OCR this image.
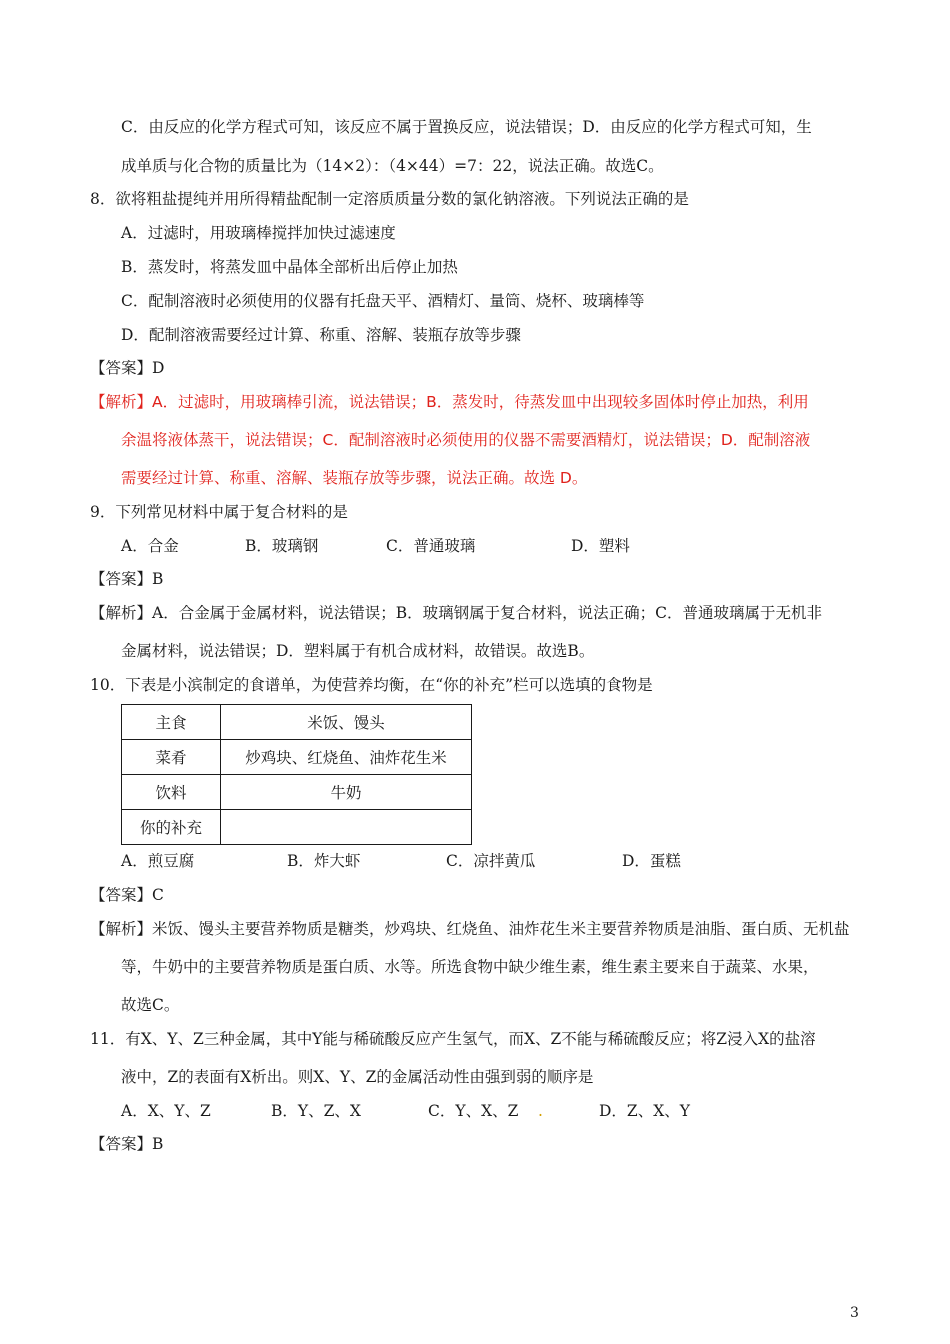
C．由反应的化学方程式可知，该反应不属于置换反应，说法错误；D．由反应的化学方程式可知，生
成单质与化合物的质量比为（14×2）：（4×44）=7：22，说法正确。故选C。
8．欲将粗盐提纯并用所得精盐配制一定溶质质量分数的氯化钠溶液。下列说法正确的是
A．过滤时，用玻璃棒搅拌加快过滤速度
B．蒸发时，将蒸发皿中晶体全部析出后停止加热
C．配制溶液时必须使用的仪器有托盘天平、酒精灯、量筒、烧杯、玻璃棒等
D．配制溶液需要经过计算、称重、溶解、装瓶存放等步骤
【答案】D
【解析】A．过滤时，用玻璃棒引流，说法错误；B．蒸发时，待蒸发皿中出现较多固体时停止加热，利用
余温将液体蒸干，说法错误；C．配制溶液时必须使用的仪器不需要酒精灯，说法错误；D．配制溶液
需要经过计算、称重、溶解、装瓶存放等步骤，说法正确。故选 D。
9．下列常见材料中属于复合材料的是
A．合金	B．玻璃钢	C．普通玻璃	D．塑料
【答案】B
【解析】A．合金属于金属材料，说法错误；B．玻璃钢属于复合材料，说法正确；C．普通玻璃属于无机非
金属材料，说法错误；D．塑料属于有机合成材料，故错误。故选B。
10．下表是小滨制定的食谱单，为使营养均衡，在“你的补充”栏可以选填的食物是
主食	米饭、馒头
菜肴	炒鸡块、红烧鱼、油炸花生米
饮料	牛奶
你的补充	
A．煎豆腐	B．炸大虾	C．凉拌黄瓜	D．蛋糕
【答案】C
【解析】米饭、馒头主要营养物质是糖类，炒鸡块、红烧鱼、油炸花生米主要营养物质是油脂、蛋白质、无机盐
等，牛奶中的主要营养物质是蛋白质、水等。所选食物中缺少维生素，维生素主要来自于蔬菜、水果，
故选C。
11．有X、Y、Z三种金属，其中Y能与稀硫酸反应产生氢气，而X、Z不能与稀硫酸反应；将Z浸入X的盐溶
液中，Z的表面有X析出。则X、Y、Z的金属活动性由强到弱的顺序是
A．X、Y、Z	B．Y、Z、X	C．Y、X、Z .	D．Z、X、Y
【答案】B
3
